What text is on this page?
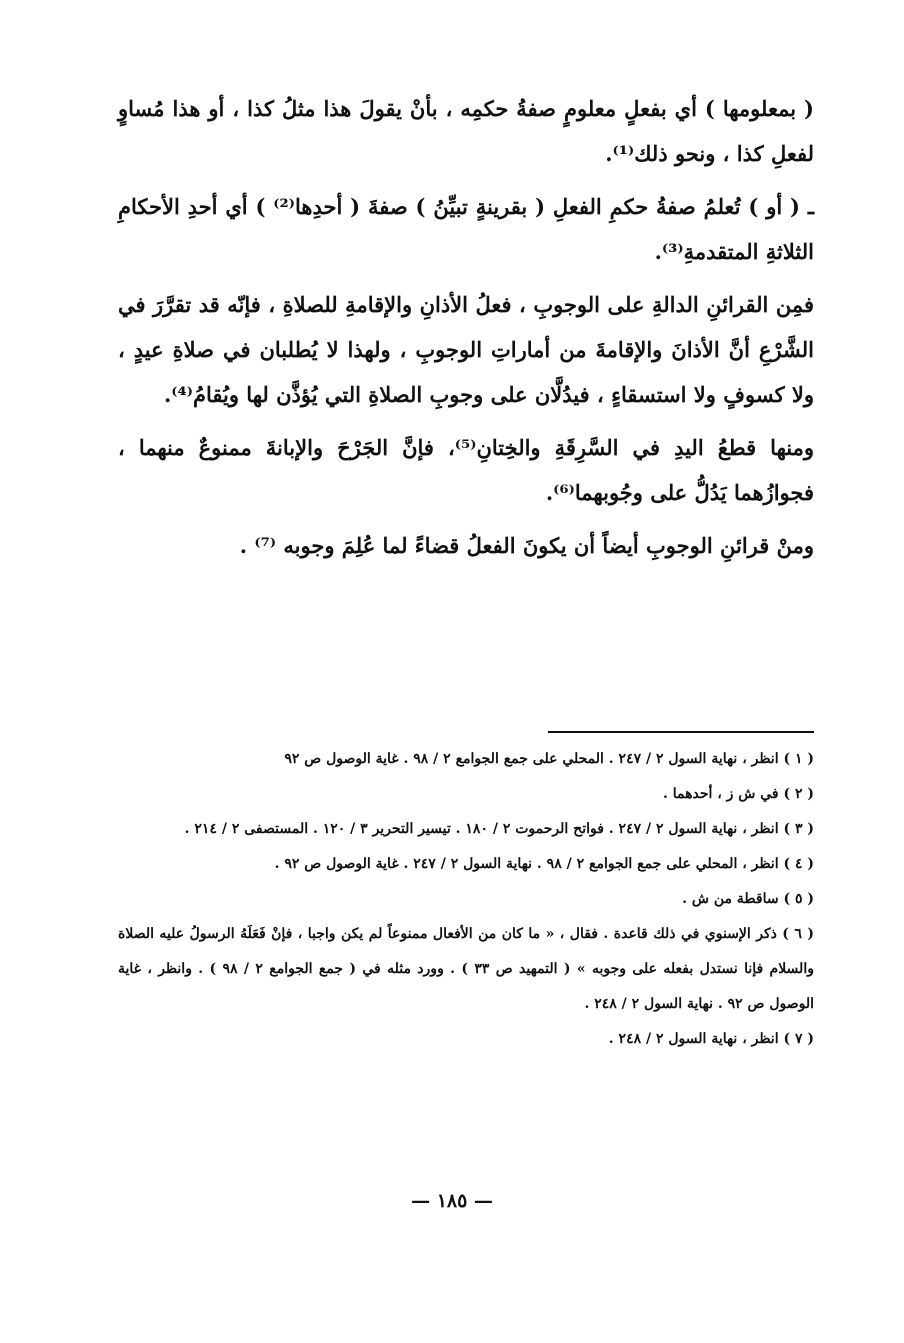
( بمعلومها ) أي بفعلٍ معلومٍ صفةُ حكمِه ، بأنْ يقولَ هذا مثلُ كذا ، أو هذا مُساوٍ لفعلِ كذا ، ونحو ذلك⁽¹⁾.

ـ ( أو ) تُعلمُ صفةُ حكمِ الفعلِ ( بقرينةٍ تبيِّنُ ) صفةَ ( أحدِها⁽²⁾ ) أي أحدِ الأحكامِ الثلاثةِ المتقدمةِ⁽³⁾.

فمِن القرائنِ الدالةِ على الوجوبِ ، فعلُ الأذانِ والإقامةِ للصلاةِ ، فإنّه قد تقرَّرَ في الشَّرْعِ أنَّ الأذانَ والإقامةَ من أماراتِ الوجوبِ ، ولهذا لا يُطلبان في صلاةِ عيدٍ ، ولا كسوفٍ ولا استسقاءٍ ، فيدُلَّان على وجوبِ الصلاةِ التي يُؤذَّن لها ويُقامُ⁽⁴⁾.

ومنها قطعُ اليدِ في السَّرِقَةِ والخِتانِ⁽⁵⁾، فإنَّ الجَرْحَ والإبانةَ ممنوعٌ منهما ، فجوازُهما يَدُلُّ على وجُوبهما⁽⁶⁾.

ومنْ قرائنِ الوجوبِ أيضاً أن يكونَ الفعلُ قضاءً لما عُلِمَ وجوبه ⁽⁷⁾ .

( ١ ) انظر ، نهاية السول ٢ / ٢٤٧ . المحلي على جمع الجوامع ٢ / ٩٨ . غاية الوصول ص ٩٢

( ٢ ) في ش ز ، أحدهما .

( ٣ ) انظر ، نهاية السول ٢ / ٢٤٧ . فواتح الرحموت ٢ / ١٨٠ . تيسير التحرير ٣ / ١٢٠ . المستصفى ٢ / ٢١٤ .

( ٤ ) انظر ، المحلي على جمع الجوامع ٢ / ٩٨ . نهاية السول ٢ / ٢٤٧ . غاية الوصول ص ٩٢ .

( ٥ ) ساقطة من ش .

( ٦ ) ذكر الإسنوي في ذلك قاعدة . فقال ، « ما كان من الأفعال ممنوعاً لم يكن واجبا ، فإنْ فَعَلَهُ الرسولُ عليه الصلاة والسلام فإنا نستدل بفعله على وجوبه » ( التمهيد ص ٣٣ ) . وورد مثله في ( جمع الجوامع ٢ / ٩٨ ) . وانظر ، غاية الوصول ص ٩٢ . نهاية السول ٢ / ٢٤٨ .

( ٧ ) انظر ، نهاية السول ٢ / ٢٤٨ .

— ١٨٥ —
